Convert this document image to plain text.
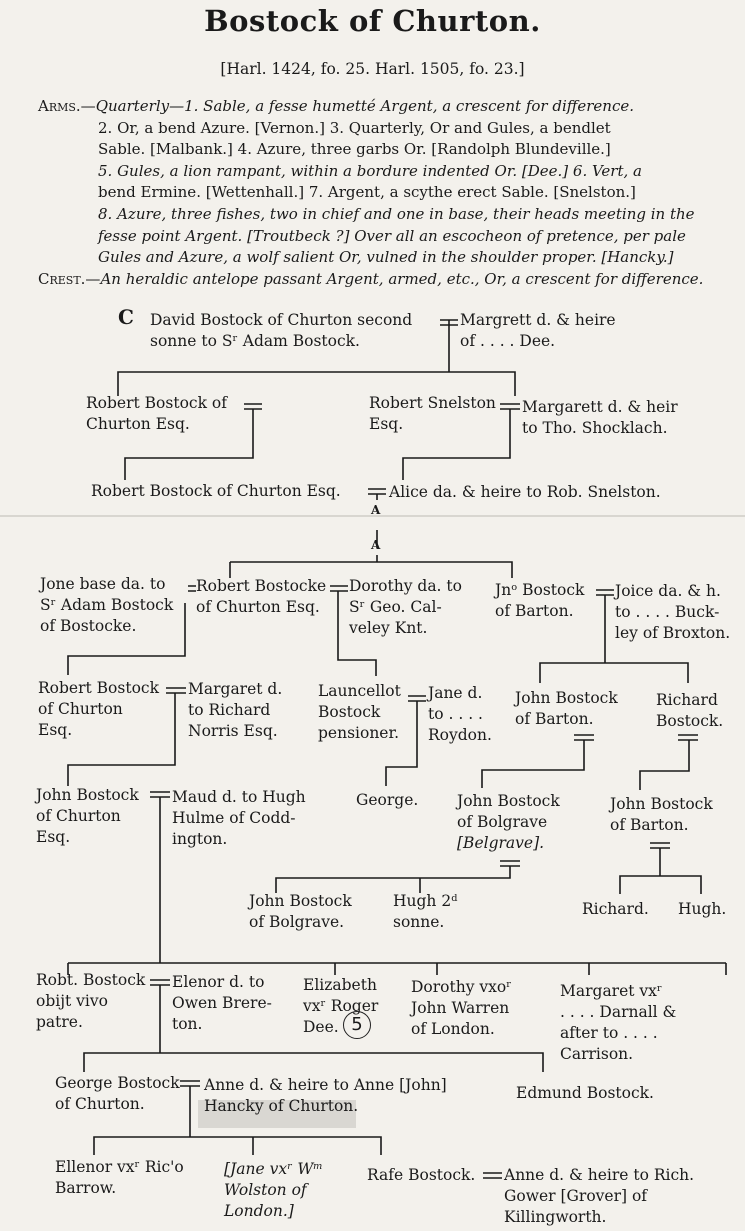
Bostock of Churton.
[Harl. 1424, fo. 25. Harl. 1505, fo. 23.]

Arms.—Quarterly—1. Sable, a fesse humetté Argent, a crescent for difference.

2. Or, a bend Azure. [Vernon.] 3. Quarterly, Or and Gules, a bendlet

Sable. [Malbank.] 4. Azure, three garbs Or. [Randolph Blundeville.]

5. Gules, a lion rampant, within a bordure indented Or. [Dee.] 6. Vert, a

bend Ermine. [Wettenhall.] 7. Argent, a scythe erect Sable. [Snelston.]

8. Azure, three fishes, two in chief and one in base, their heads meeting in the

fesse point Argent. [Troutbeck ?] Over all an escocheon of pretence, per pale

Gules and Azure, a wolf salient Or, vulned in the shoulder proper. [Hancky.]

Crest.—An heraldic antelope passant Argent, armed, etc., Or, a crescent for difference.

C David Bostock of Churton second
sonne to Sʳ Adam Bostock.
Margrett d. & heire
of . . . . Dee.
Robert Bostock of
Churton Esq.
Robert Snelston
Esq.
Margarett d. & heir
to Tho. Shocklach.
Robert Bostock of Churton Esq.	Alice da. & heire to Rob. Snelston.
A
A
Jone base da. to
Sʳ Adam Bostock
of Bostocke.
Robert Bostocke
of Churton Esq.
Dorothy da. to
Sʳ Geo. Cal-
veley Knt.
Jnᵒ Bostock
of Barton.
Joice da. & h.
to . . . . Buck-
ley of Broxton.
Robert Bostock
of Churton
Esq.
Margaret d.
to Richard
Norris Esq.
Launcellot
Bostock
pensioner.
Jane d.
to . . . .
Roydon.
John Bostock
of Barton.
Richard
Bostock.
John Bostock
of Churton
Esq.
Maud d. to Hugh
Hulme of Codd-
ington.
George. John Bostock
of Bolgrave
[Belgrave].
John Bostock
of Barton.
John Bostock
of Bolgrave.
Hugh 2ᵈ
sonne.
Richard. Hugh.
Robt. Bostock
obijt vivo
patre.
Elenor d. to
Owen Brere-
ton.
Elizabeth
vxʳ Roger
Dee. 5
Dorothy vxoʳ
John Warren
of London.
Margaret vxʳ
. . . . Darnall &
after to . . . .
Carrison.
George Bostock
of Churton.
Anne d. & heire to Anne [John]
Hancky of Churton.
Edmund Bostock.
Ellenor vxʳ Ric'o
Barrow.
[Jane vxʳ Wᵐ
Wolston of
London.]
Rafe Bostock. Anne d. & heire to Rich.
Gower [Grover] of
Killingworth.
